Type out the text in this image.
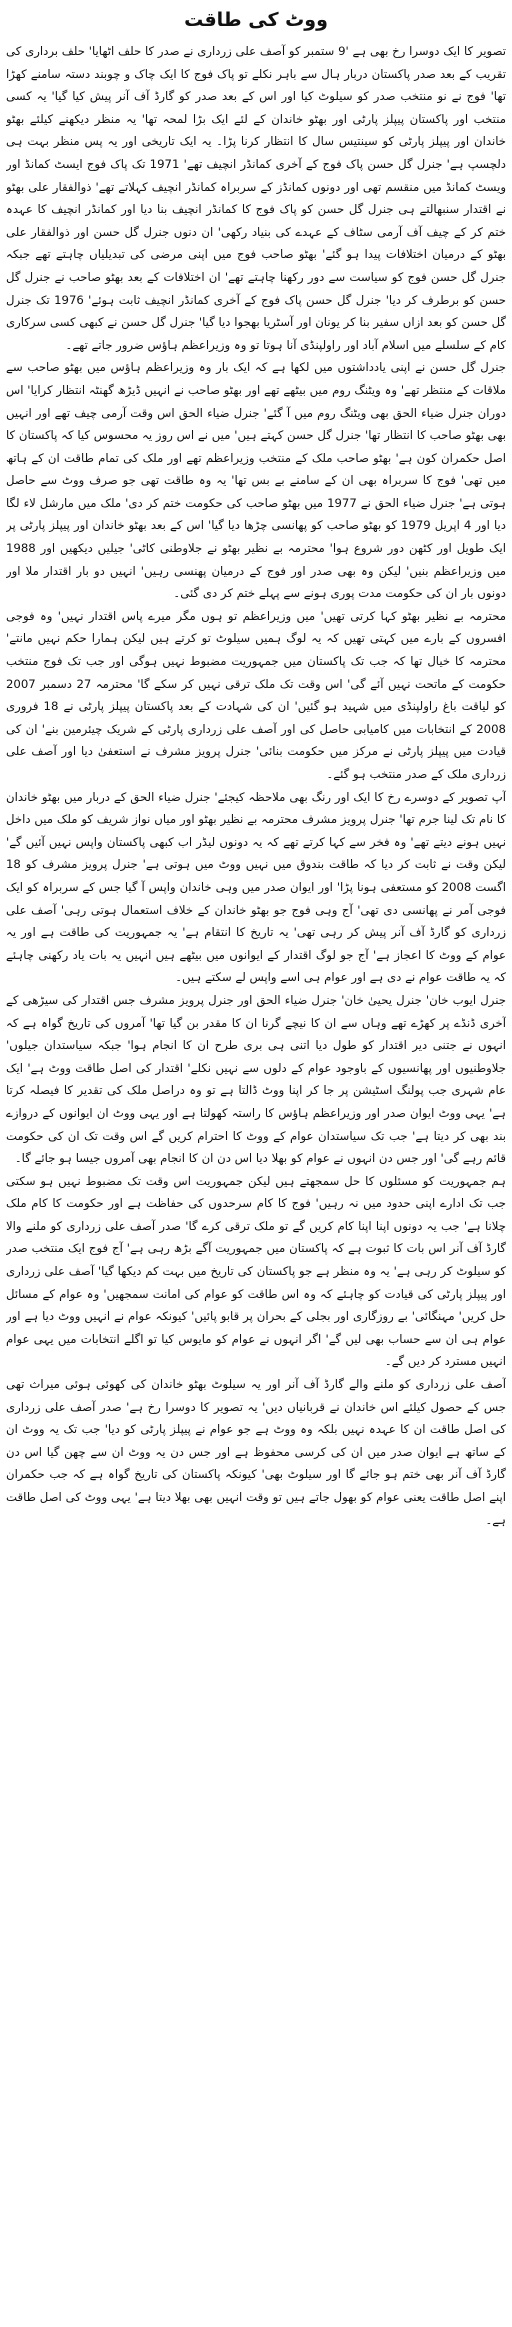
ووٹ کی طاقت

تصویر کا ایک دوسرا رخ بھی ہے '9 ستمبر کو آصف علی زرداری نے صدر کا حلف اٹھایا' حلف برداری کی تقریب کے بعد صدر پاکستان دربار ہال سے باہر نکلے تو پاک فوج کا ایک چاک و چوبند دستہ سامنے کھڑا تھا' فوج نے نو منتخب صدر کو سیلوٹ کیا اور اس کے بعد صدر کو گارڈ آف آنر پیش کیا گیا' یہ کسی منتخب اور پاکستان پیپلز پارٹی اور بھٹو خاندان کے لئے ایک بڑا لمحہ تھا' یہ منظر دیکھنے کیلئے بھٹو خاندان اور پیپلز پارٹی کو سینتیس سال کا انتظار کرنا پڑا۔ یہ ایک تاریخی اور یہ پس منظر بہت ہی دلچسپ ہے' جنرل گل حسن پاک فوج کے آخری کمانڈر انچیف تھے' 1971 تک پاک فوج ایسٹ کمانڈ اور ویسٹ کمانڈ میں منقسم تھی اور دونوں کمانڈز کے سربراہ کمانڈر انچیف کہلاتے تھے' ذوالفقار علی بھٹو نے اقتدار سنبھالتے ہی جنرل گل حسن کو پاک فوج کا کمانڈر انچیف بنا دیا اور کمانڈر انچیف کا عہدہ ختم کر کے چیف آف آرمی سٹاف کے عہدے کی بنیاد رکھی' ان دنوں جنرل گل حسن اور ذوالفقار علی بھٹو کے درمیان اختلافات پیدا ہو گئے' بھٹو صاحب فوج میں اپنی مرضی کی تبدیلیاں چاہتے تھے جبکہ جنرل گل حسن فوج کو سیاست سے دور رکھنا چاہتے تھے' ان اختلافات کے بعد بھٹو صاحب نے جنرل گل حسن کو برطرف کر دیا' جنرل گل حسن پاک فوج کے آخری کمانڈر انچیف ثابت ہوئے' 1976 تک جنرل گل حسن کو بعد ازاں سفیر بنا کر یونان اور آسٹریا بھجوا دیا گیا' جنرل گل حسن نے کبھی کسی سرکاری کام کے سلسلے میں اسلام آباد اور راولپنڈی آنا ہوتا تو وہ وزیراعظم ہاؤس ضرور جاتے تھے۔

جنرل گل حسن نے اپنی یادداشتوں میں لکھا ہے کہ ایک بار وہ وزیراعظم ہاؤس میں بھٹو صاحب سے ملاقات کے منتظر تھے' وہ ویٹنگ روم میں بیٹھے تھے اور بھٹو صاحب نے انہیں ڈیڑھ گھنٹہ انتظار کرایا' اس دوران جنرل ضیاء الحق بھی ویٹنگ روم میں آ گئے' جنرل ضیاء الحق اس وقت آرمی چیف تھے اور انہیں بھی بھٹو صاحب کا انتظار تھا' جنرل گل حسن کہتے ہیں' میں نے اس روز یہ محسوس کیا کہ پاکستان کا اصل حکمران کون ہے' بھٹو صاحب ملک کے منتخب وزیراعظم تھے اور ملک کی تمام طاقت ان کے ہاتھ میں تھی' فوج کا سربراہ بھی ان کے سامنے بے بس تھا' یہ وہ طاقت تھی جو صرف ووٹ سے حاصل ہوتی ہے' جنرل ضیاء الحق نے 1977 میں بھٹو صاحب کی حکومت ختم کر دی' ملک میں مارشل لاء لگا دیا اور 4 اپریل 1979 کو بھٹو صاحب کو پھانسی چڑھا دیا گیا' اس کے بعد بھٹو خاندان اور پیپلز پارٹی پر ایک طویل اور کٹھن دور شروع ہوا' محترمہ بے نظیر بھٹو نے جلاوطنی کاٹی' جیلیں دیکھیں اور 1988 میں وزیراعظم بنیں' لیکن وہ بھی صدر اور فوج کے درمیان پھنسی رہیں' انہیں دو بار اقتدار ملا اور دونوں بار ان کی حکومت مدت پوری ہونے سے پہلے ختم کر دی گئی۔

محترمہ بے نظیر بھٹو کہا کرتی تھیں' میں وزیراعظم تو ہوں مگر میرے پاس اقتدار نہیں' وہ فوجی افسروں کے بارے میں کہتی تھیں کہ یہ لوگ ہمیں سیلوٹ تو کرتے ہیں لیکن ہمارا حکم نہیں مانتے' محترمہ کا خیال تھا کہ جب تک پاکستان میں جمہوریت مضبوط نہیں ہوگی اور جب تک فوج منتخب حکومت کے ماتحت نہیں آئے گی' اس وقت تک ملک ترقی نہیں کر سکے گا' محترمہ 27 دسمبر 2007 کو لیاقت باغ راولپنڈی میں شہید ہو گئیں' ان کی شہادت کے بعد پاکستان پیپلز پارٹی نے 18 فروری 2008 کے انتخابات میں کامیابی حاصل کی اور آصف علی زرداری پارٹی کے شریک چیئرمین بنے' ان کی قیادت میں پیپلز پارٹی نے مرکز میں حکومت بنائی' جنرل پرویز مشرف نے استعفیٰ دیا اور آصف علی زرداری ملک کے صدر منتخب ہو گئے۔

آپ تصویر کے دوسرے رخ کا ایک اور رنگ بھی ملاحظہ کیجئے' جنرل ضیاء الحق کے دربار میں بھٹو خاندان کا نام تک لینا جرم تھا' جنرل پرویز مشرف محترمہ بے نظیر بھٹو اور میاں نواز شریف کو ملک میں داخل نہیں ہونے دیتے تھے' وہ فخر سے کہا کرتے تھے کہ یہ دونوں لیڈر اب کبھی پاکستان واپس نہیں آئیں گے' لیکن وقت نے ثابت کر دیا کہ طاقت بندوق میں نہیں ووٹ میں ہوتی ہے' جنرل پرویز مشرف کو 18 اگست 2008 کو مستعفی ہونا پڑا' اور ایوان صدر میں وہی خاندان واپس آ گیا جس کے سربراہ کو ایک فوجی آمر نے پھانسی دی تھی' آج وہی فوج جو بھٹو خاندان کے خلاف استعمال ہوتی رہی' آصف علی زرداری کو گارڈ آف آنر پیش کر رہی تھی' یہ تاریخ کا انتقام ہے' یہ جمہوریت کی طاقت ہے اور یہ عوام کے ووٹ کا اعجاز ہے' آج جو لوگ اقتدار کے ایوانوں میں بیٹھے ہیں انہیں یہ بات یاد رکھنی چاہئے کہ یہ طاقت عوام نے دی ہے اور عوام ہی اسے واپس لے سکتے ہیں۔

جنرل ایوب خان' جنرل یحییٰ خان' جنرل ضیاء الحق اور جنرل پرویز مشرف جس اقتدار کی سیڑھی کے آخری ڈنڈے پر کھڑے تھے وہاں سے ان کا نیچے گرنا ان کا مقدر بن گیا تھا' آمروں کی تاریخ گواہ ہے کہ انہوں نے جتنی دیر اقتدار کو طول دیا اتنی ہی بری طرح ان کا انجام ہوا' جبکہ سیاستدان جیلوں' جلاوطنیوں اور پھانسیوں کے باوجود عوام کے دلوں سے نہیں نکلے' اقتدار کی اصل طاقت ووٹ ہے' ایک عام شہری جب پولنگ اسٹیشن پر جا کر اپنا ووٹ ڈالتا ہے تو وہ دراصل ملک کی تقدیر کا فیصلہ کرتا ہے' یہی ووٹ ایوان صدر اور وزیراعظم ہاؤس کا راستہ کھولتا ہے اور یہی ووٹ ان ایوانوں کے دروازے بند بھی کر دیتا ہے' جب تک سیاستدان عوام کے ووٹ کا احترام کریں گے اس وقت تک ان کی حکومت قائم رہے گی' اور جس دن انہوں نے عوام کو بھلا دیا اس دن ان کا انجام بھی آمروں جیسا ہو جائے گا۔

ہم جمہوریت کو مسئلوں کا حل سمجھتے ہیں لیکن جمہوریت اس وقت تک مضبوط نہیں ہو سکتی جب تک ادارے اپنی حدود میں نہ رہیں' فوج کا کام سرحدوں کی حفاظت ہے اور حکومت کا کام ملک چلانا ہے' جب یہ دونوں اپنا اپنا کام کریں گے تو ملک ترقی کرے گا' صدر آصف علی زرداری کو ملنے والا گارڈ آف آنر اس بات کا ثبوت ہے کہ پاکستان میں جمہوریت آگے بڑھ رہی ہے' آج فوج ایک منتخب صدر کو سیلوٹ کر رہی ہے' یہ وہ منظر ہے جو پاکستان کی تاریخ میں بہت کم دیکھا گیا' آصف علی زرداری اور پیپلز پارٹی کی قیادت کو چاہئے کہ وہ اس طاقت کو عوام کی امانت سمجھیں' وہ عوام کے مسائل حل کریں' مہنگائی' بے روزگاری اور بجلی کے بحران پر قابو پائیں' کیونکہ عوام نے انہیں ووٹ دیا ہے اور عوام ہی ان سے حساب بھی لیں گے' اگر انہوں نے عوام کو مایوس کیا تو اگلے انتخابات میں یہی عوام انہیں مسترد کر دیں گے۔

آصف علی زرداری کو ملنے والے گارڈ آف آنر اور یہ سیلوٹ بھٹو خاندان کی کھوئی ہوئی میراث تھی جس کے حصول کیلئے اس خاندان نے قربانیاں دیں' یہ تصویر کا دوسرا رخ ہے' صدر آصف علی زرداری کی اصل طاقت ان کا عہدہ نہیں بلکہ وہ ووٹ ہے جو عوام نے پیپلز پارٹی کو دیا' جب تک یہ ووٹ ان کے ساتھ ہے ایوان صدر میں ان کی کرسی محفوظ ہے اور جس دن یہ ووٹ ان سے چھن گیا اس دن گارڈ آف آنر بھی ختم ہو جائے گا اور سیلوٹ بھی' کیونکہ پاکستان کی تاریخ گواہ ہے کہ جب حکمران اپنے اصل طاقت یعنی عوام کو بھول جاتے ہیں تو وقت انہیں بھی بھلا دیتا ہے' یہی ووٹ کی اصل طاقت ہے۔
